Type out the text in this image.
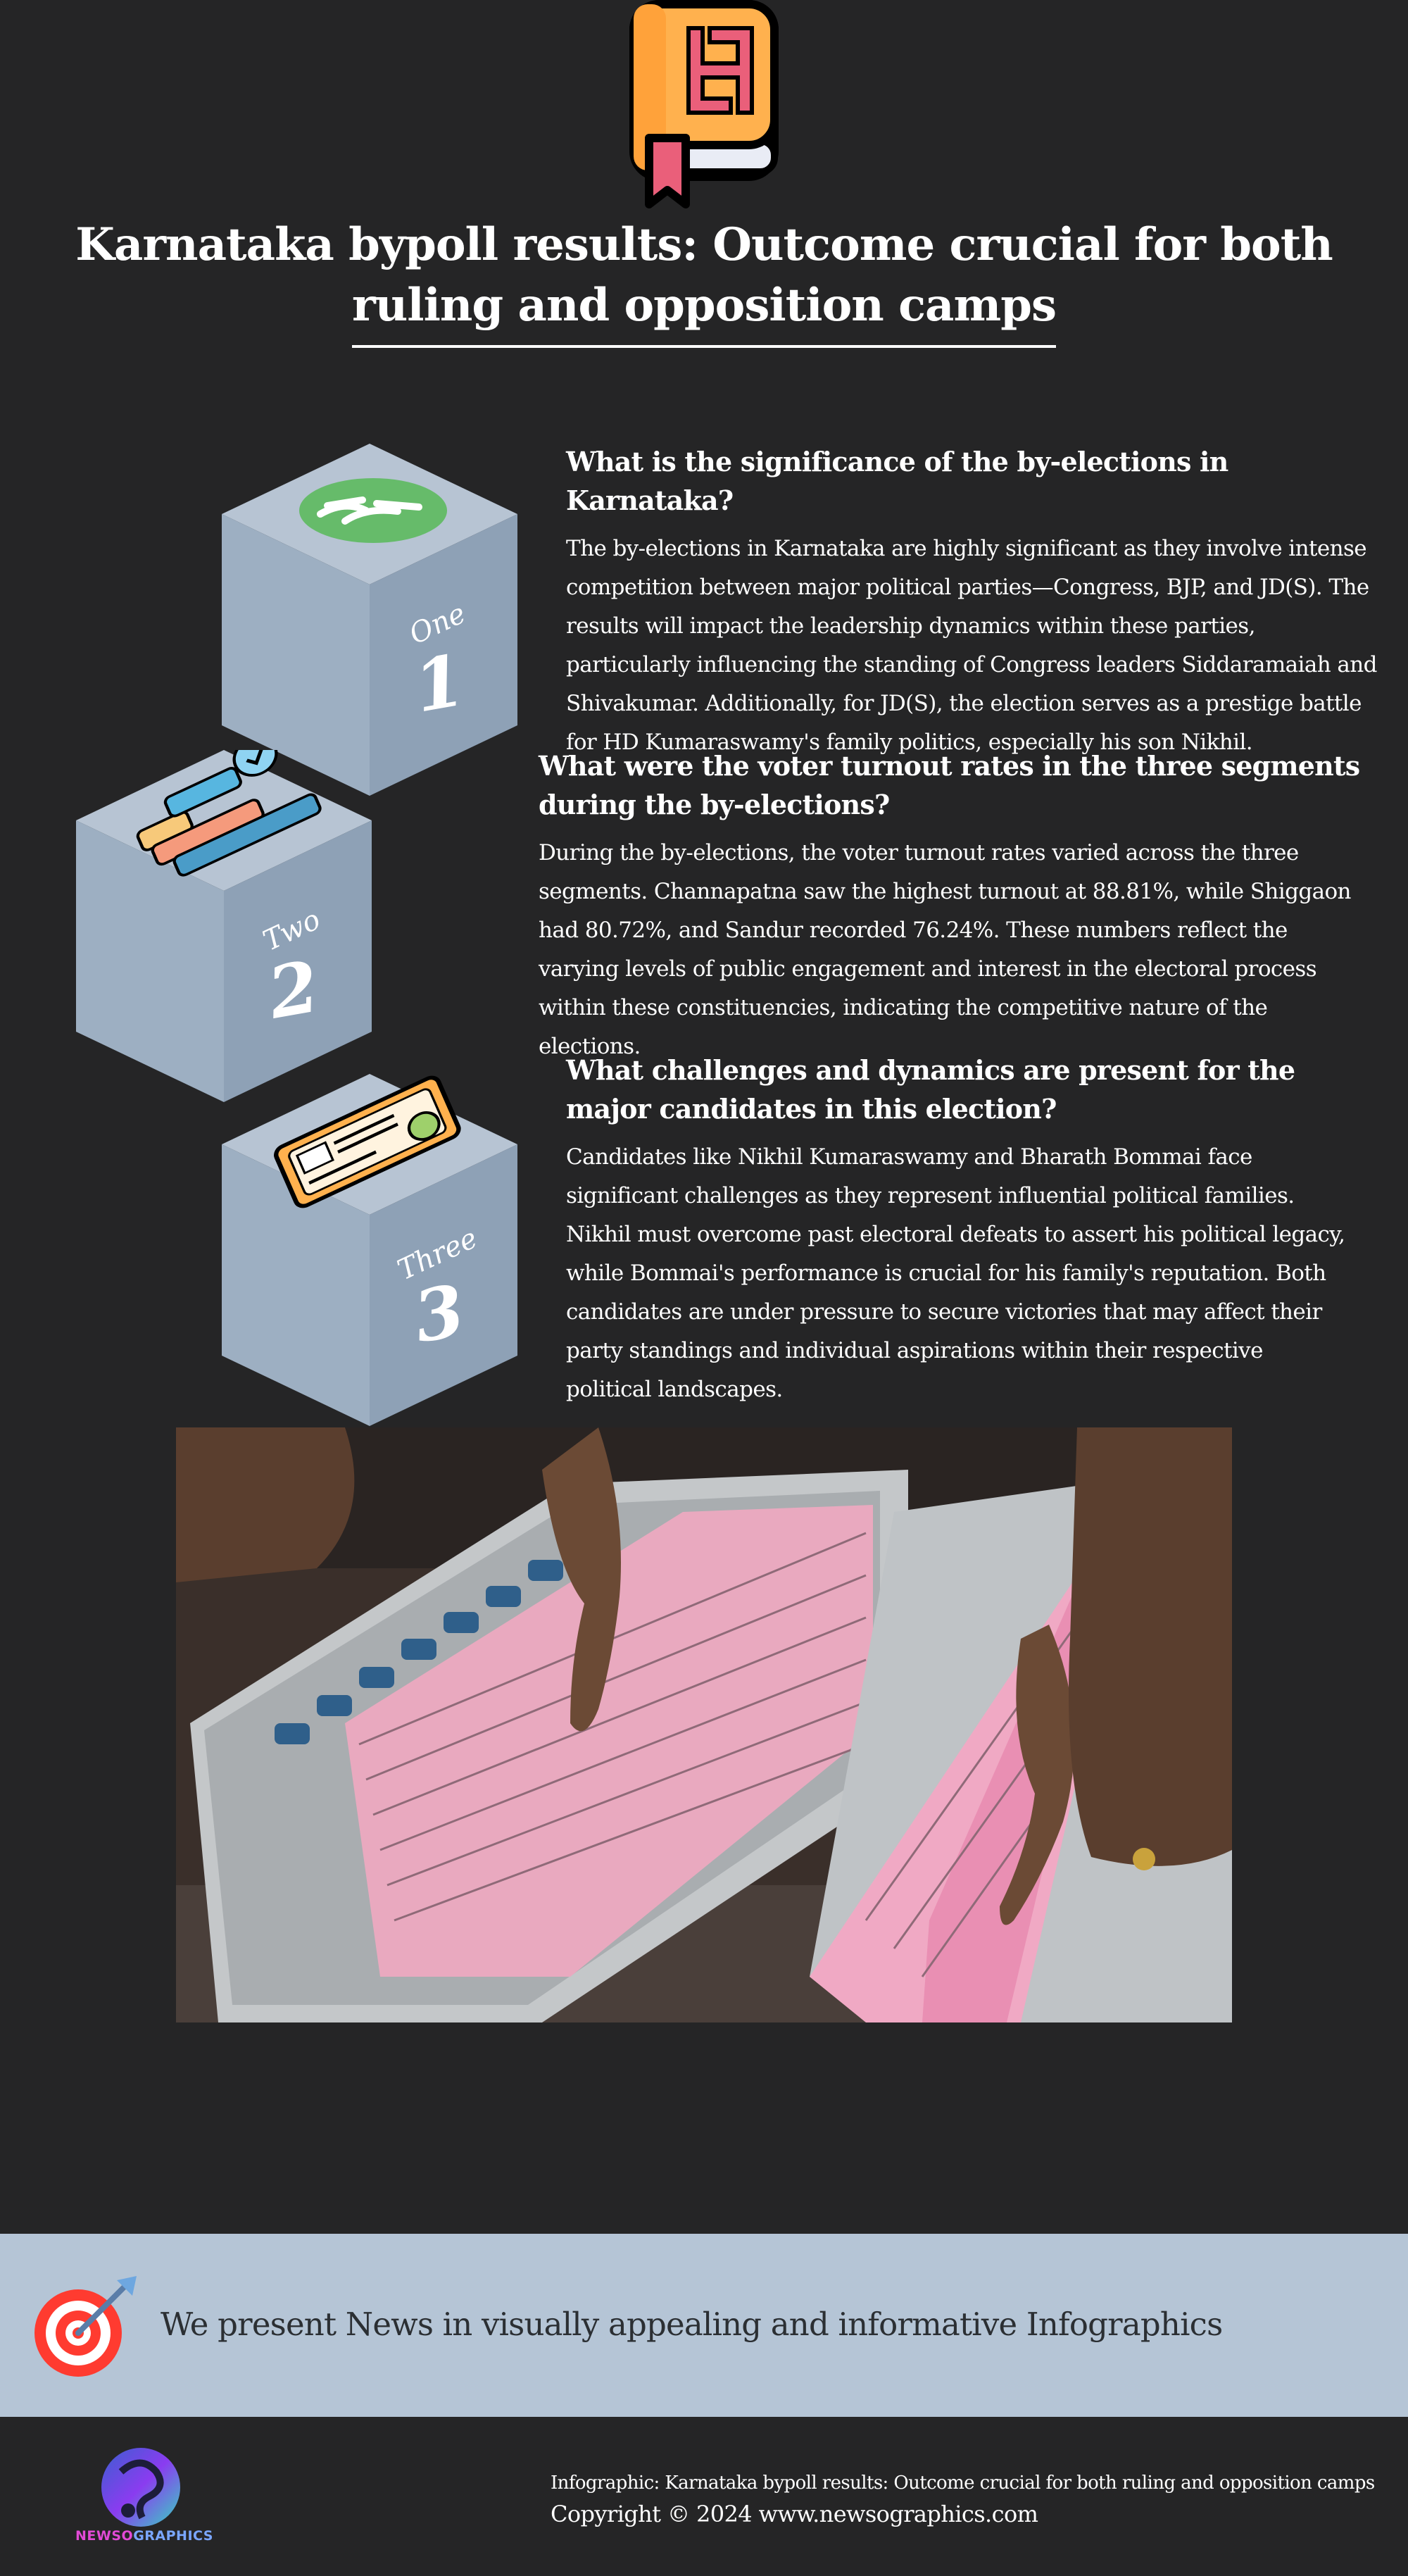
Karnataka bypoll results: Outcome crucial for both ruling and opposition camps
One
1
Two
2
Three
3
What is the significance of the by-elections in Karnataka?

The by-elections in Karnataka are highly significant as they involve intense competition between major political parties—Congress, BJP, and JD(S). The results will impact the leadership dynamics within these parties, particularly influencing the standing of Congress leaders Siddaramaiah and Shivakumar. Additionally, for JD(S), the election serves as a prestige battle for HD Kumaraswamy's family politics, especially his son Nikhil.

What were the voter turnout rates in the three segments during the by-elections?

During the by-elections, the voter turnout rates varied across the three segments. Channapatna saw the highest turnout at 88.81%, while Shiggaon had 80.72%, and Sandur recorded 76.24%. These numbers reflect the varying levels of public engagement and interest in the electoral process within these constituencies, indicating the competitive nature of the elections.

What challenges and dynamics are present for the major candidates in this election?

Candidates like Nikhil Kumaraswamy and Bharath Bommai face significant challenges as they represent influential political families. Nikhil must overcome past electoral defeats to assert his political legacy, while Bommai's performance is crucial for his family's reputation. Both candidates are under pressure to secure victories that may affect their party standings and individual aspirations within their respective political landscapes.

We present News in visually appealing and informative Infographics

NEWSOGRAPHICS

Infographic: Karnataka bypoll results: Outcome crucial for both ruling and opposition camps

Copyright © 2024 www.newsographics.com
